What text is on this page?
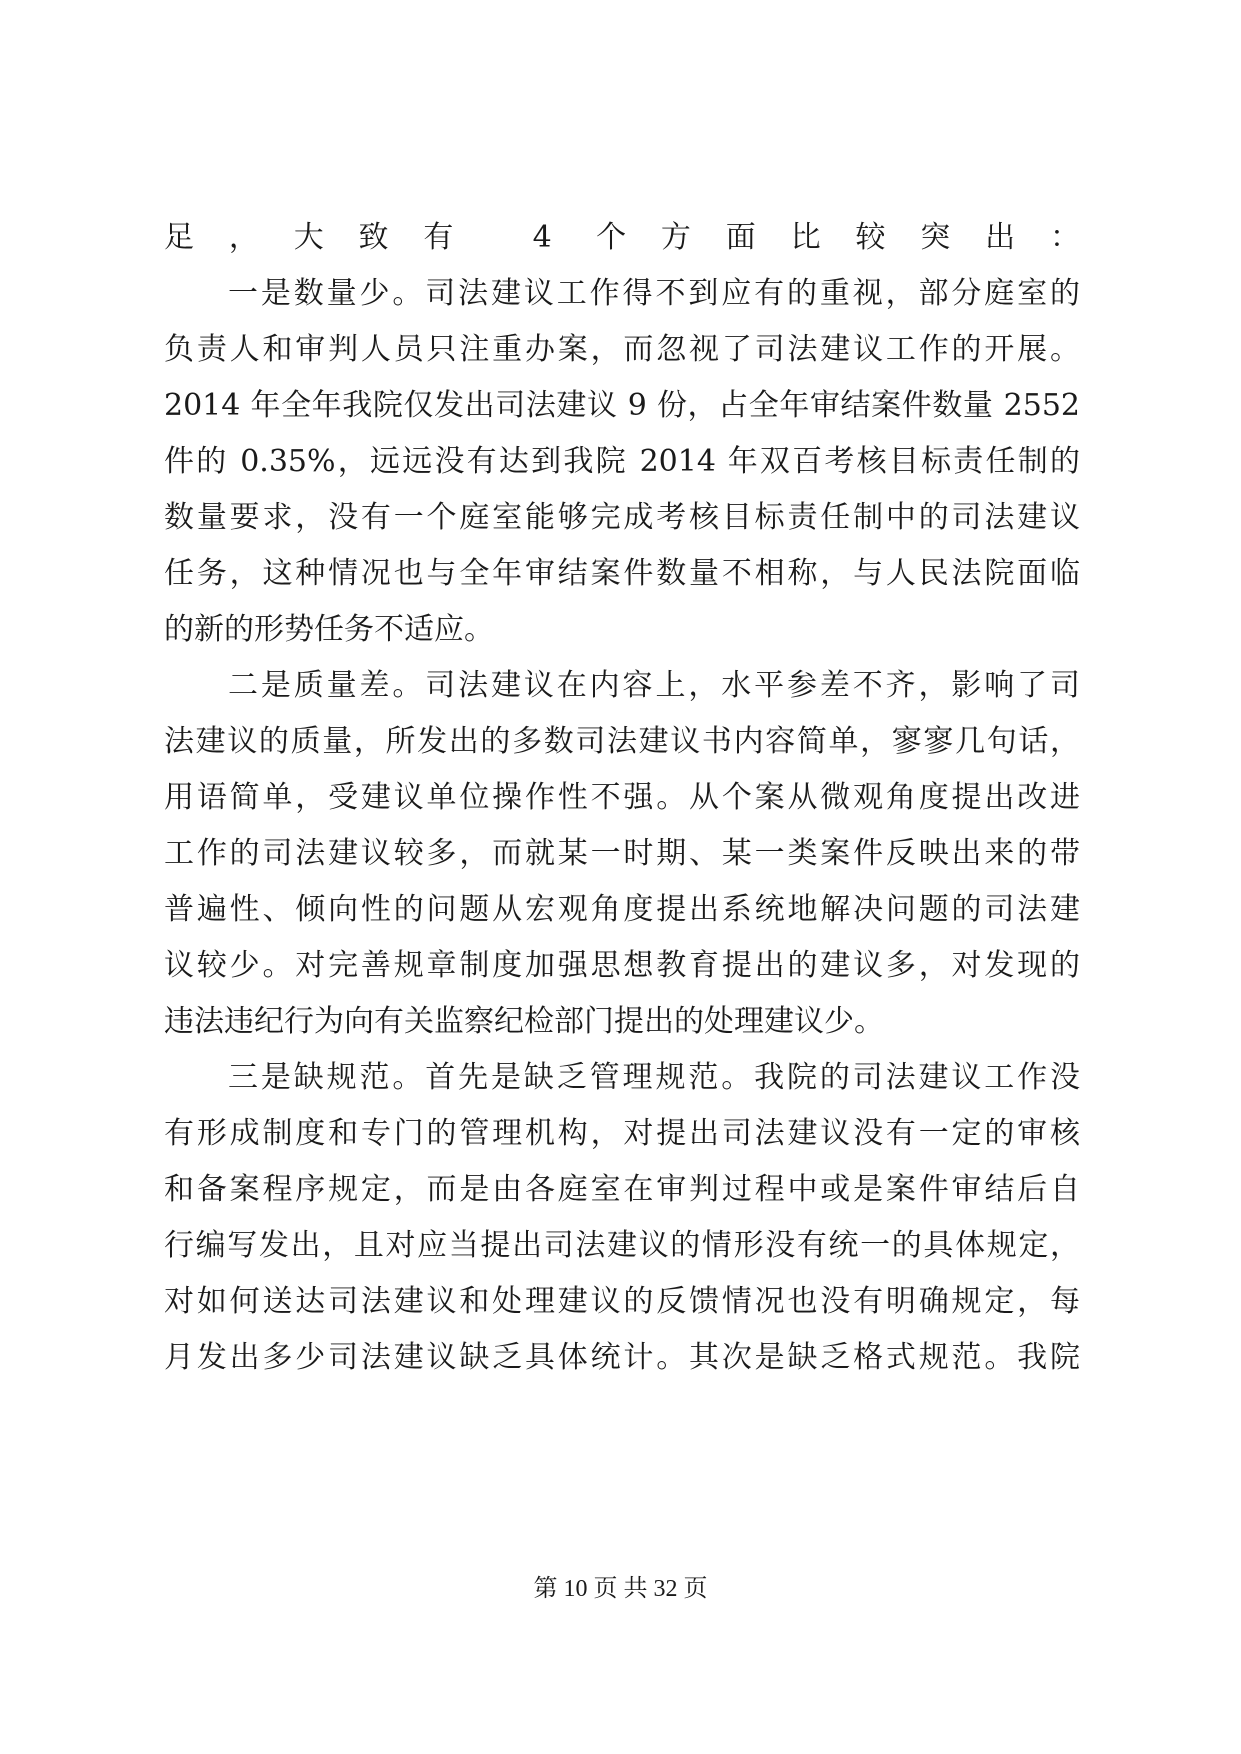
足，大致有 4 个方面比较突出：
一是数量少。司法建议工作得不到应有的重视，部分庭室的
负责人和审判人员只注重办案，而忽视了司法建议工作的开展。
2014 年全年我院仅发出司法建议 9 份，占全年审结案件数量 2552
件的 0.35%，远远没有达到我院 2014 年双百考核目标责任制的
数量要求，没有一个庭室能够完成考核目标责任制中的司法建议
任务，这种情况也与全年审结案件数量不相称，与人民法院面临
的新的形势任务不适应。
二是质量差。司法建议在内容上，水平参差不齐，影响了司
法建议的质量，所发出的多数司法建议书内容简单，寥寥几句话，
用语简单，受建议单位操作性不强。从个案从微观角度提出改进
工作的司法建议较多，而就某一时期、某一类案件反映出来的带
普遍性、倾向性的问题从宏观角度提出系统地解决问题的司法建
议较少。对完善规章制度加强思想教育提出的建议多，对发现的
违法违纪行为向有关监察纪检部门提出的处理建议少。
三是缺规范。首先是缺乏管理规范。我院的司法建议工作没
有形成制度和专门的管理机构，对提出司法建议没有一定的审核
和备案程序规定，而是由各庭室在审判过程中或是案件审结后自
行编写发出，且对应当提出司法建议的情形没有统一的具体规定，
对如何送达司法建议和处理建议的反馈情况也没有明确规定，每
月发出多少司法建议缺乏具体统计。其次是缺乏格式规范。我院
第 10 页 共 32 页
